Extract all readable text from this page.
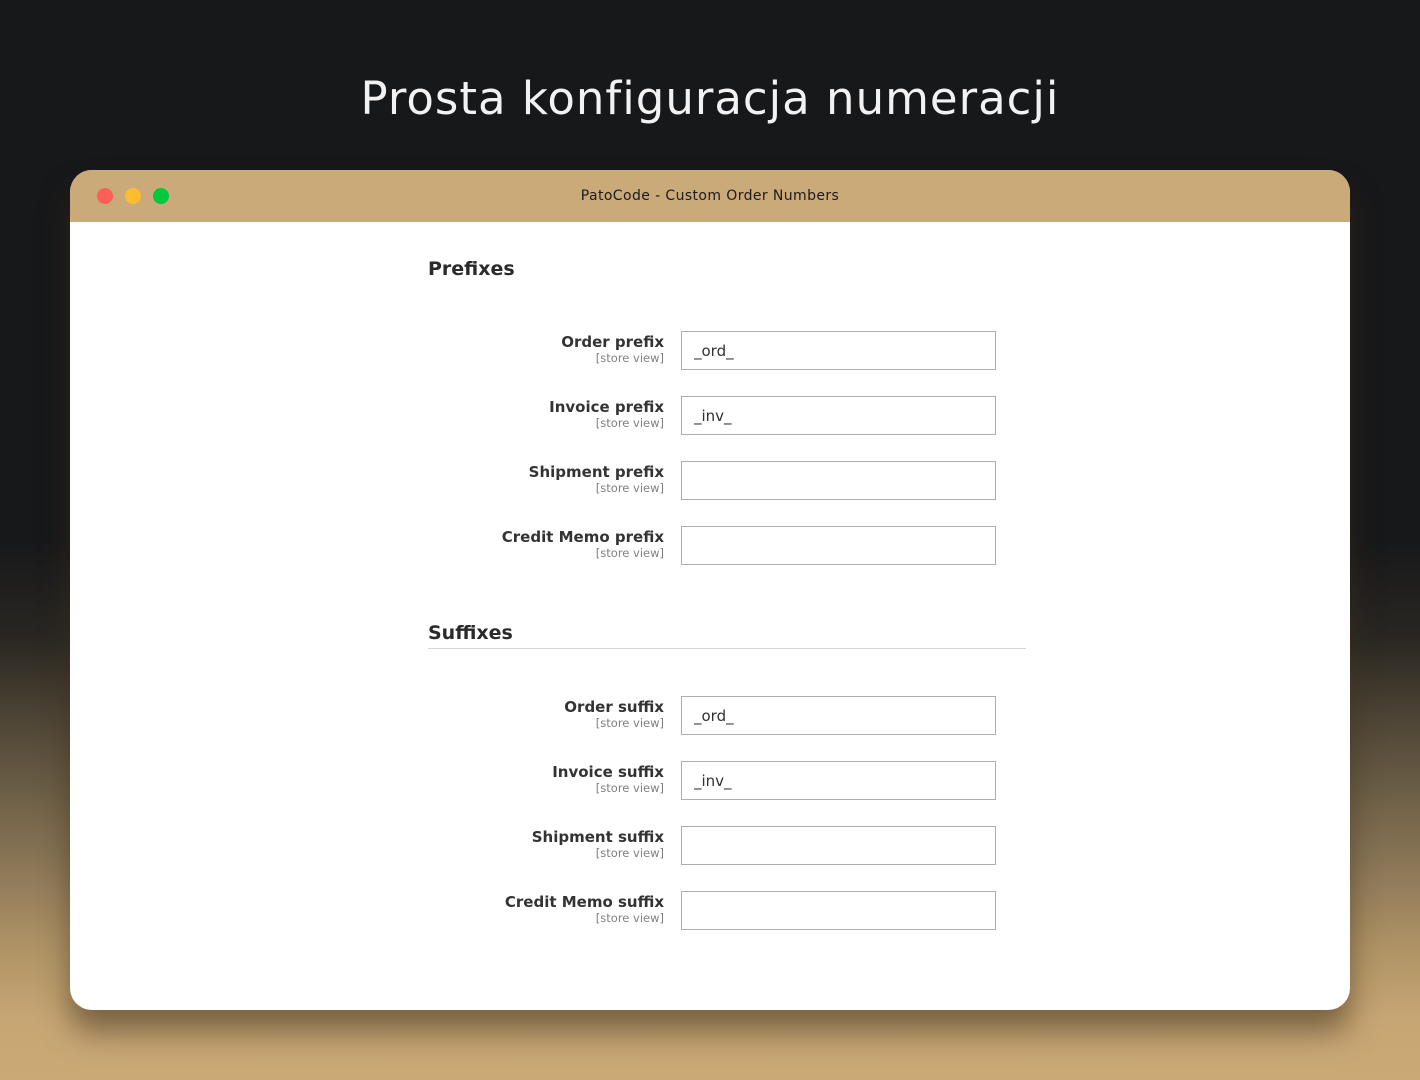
Prosta konfiguracja numeracji
PatoCode - Custom Order Numbers
Prefixes
Order prefix
[store view]
_ord_
Invoice prefix
[store view]
_inv_
Shipment prefix
[store view]
Credit Memo prefix
[store view]
Suffixes
Order suffix
[store view]
_ord_
Invoice suffix
[store view]
_inv_
Shipment suffix
[store view]
Credit Memo suffix
[store view]
